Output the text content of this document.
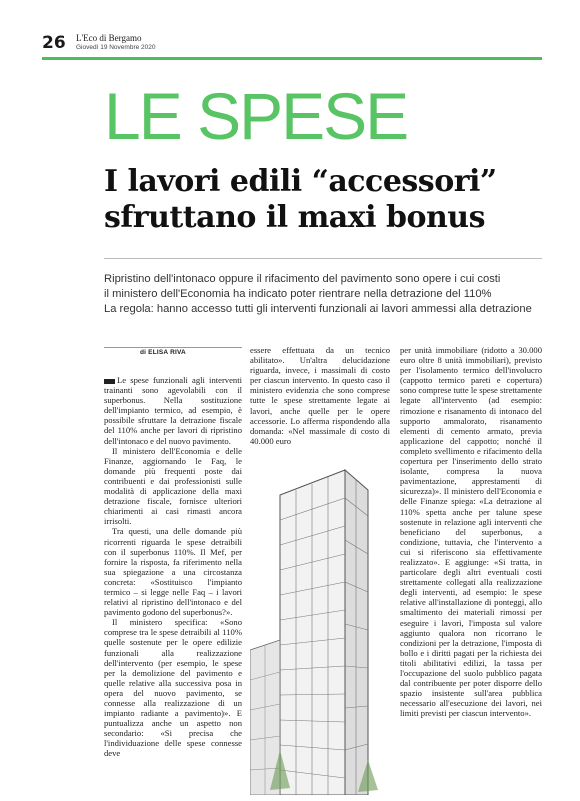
26 L'Eco di Bergamo
Giovedì 19 Novembre 2020
LE SPESE
I lavori edili “accessori”
sfruttano il maxi bonus
Ripristino dell'intonaco oppure il rifacimento del pavimento sono opere i cui costi
il ministero dell'Economia ha indicato poter rientrare nella detrazione del 110%
La regola: hanno accesso tutti gli interventi funzionali ai lavori ammessi alla detrazione
di ELISA RIVA

Le spese funzionali agli interventi trainanti sono agevolabili con il superbonus. Nella sostituzione dell'impianto termico, ad esempio, è possibile sfruttare la detrazione fiscale del 110% anche per lavori di ripristino dell'intonaco e del nuovo pavimento.

Il ministero dell'Economia e delle Finanze, aggiornando le Faq, le domande più frequenti poste dai contribuenti e dai professionisti sulle modalità di applicazione della maxi detrazione fiscale, fornisce ulteriori chiarimenti ai casi rimasti ancora irrisolti.

Tra questi, una delle domande più ricorrenti riguarda le spese detraibili con il superbonus 110%. Il Mef, per fornire la risposta, fa riferimento nella sua spiegazione a una circostanza concreta: «Sostituisco l'impianto termico – si legge nelle Faq – i lavori relativi al ripristino dell'intonaco e del pavimento godono del superbonus?».

Il ministero specifica: «Sono comprese tra le spese detraibili al 110% quelle sostenute per le opere edilizie funzionali alla realizzazione dell'intervento (per esempio, le spese per la demolizione del pavimento e quelle relative alla successiva posa in opera del nuovo pavimento, se connesse alla realizzazione di un impianto radiante a pavimento)». E puntualizza anche un aspetto non secondario: «Si precisa che l'individuazione delle spese connesse deve

essere effettuata da un tecnico abilitato». Un'altra delucidazione riguarda, invece, i massimali di costo per ciascun intervento. In questo caso il ministero evidenzia che sono comprese tutte le spese strettamente legate ai lavori, anche quelle per le opere accessorie. Lo afferma rispondendo alla domanda: «Nel massimale di costo di 40.000 euro

per unità immobiliare (ridotto a 30.000 euro oltre 8 unità immobiliari), previsto per l'isolamento termico dell'involucro (cappotto termico pareti e copertura) sono comprese tutte le spese strettamente legate all'intervento (ad esempio: rimozione e risanamento di intonaco del supporto ammalorato, risanamento elementi di cemento armato, previa applicazione del cappotto; nonché il completo svellimento e rifacimento della copertura per l'inserimento dello strato isolante, compresa la nuova pavimentazione, apprestamenti di sicurezza)». Il ministero dell'Economia e delle Finanze spiega: «La detrazione al 110% spetta anche per talune spese sostenute in relazione agli interventi che beneficiano del superbonus, a condizione, tuttavia, che l'intervento a cui si riferiscono sia effettivamente realizzato». E aggiunge: «Si tratta, in particolare degli altri eventuali costi strettamente collegati alla realizzazione degli interventi, ad esempio: le spese relative all'installazione di ponteggi, allo smaltimento dei materiali rimossi per eseguire i lavori, l'imposta sul valore aggiunto qualora non ricorrano le condizioni per la detrazione, l'imposta di bollo e i diritti pagati per la richiesta dei titoli abilitativi edilizi, la tassa per l'occupazione del suolo pubblico pagata dal contribuente per poter disporre dello spazio insistente sull'area pubblica necessario all'esecuzione dei lavori, nei limiti previsti per ciascun intervento».
